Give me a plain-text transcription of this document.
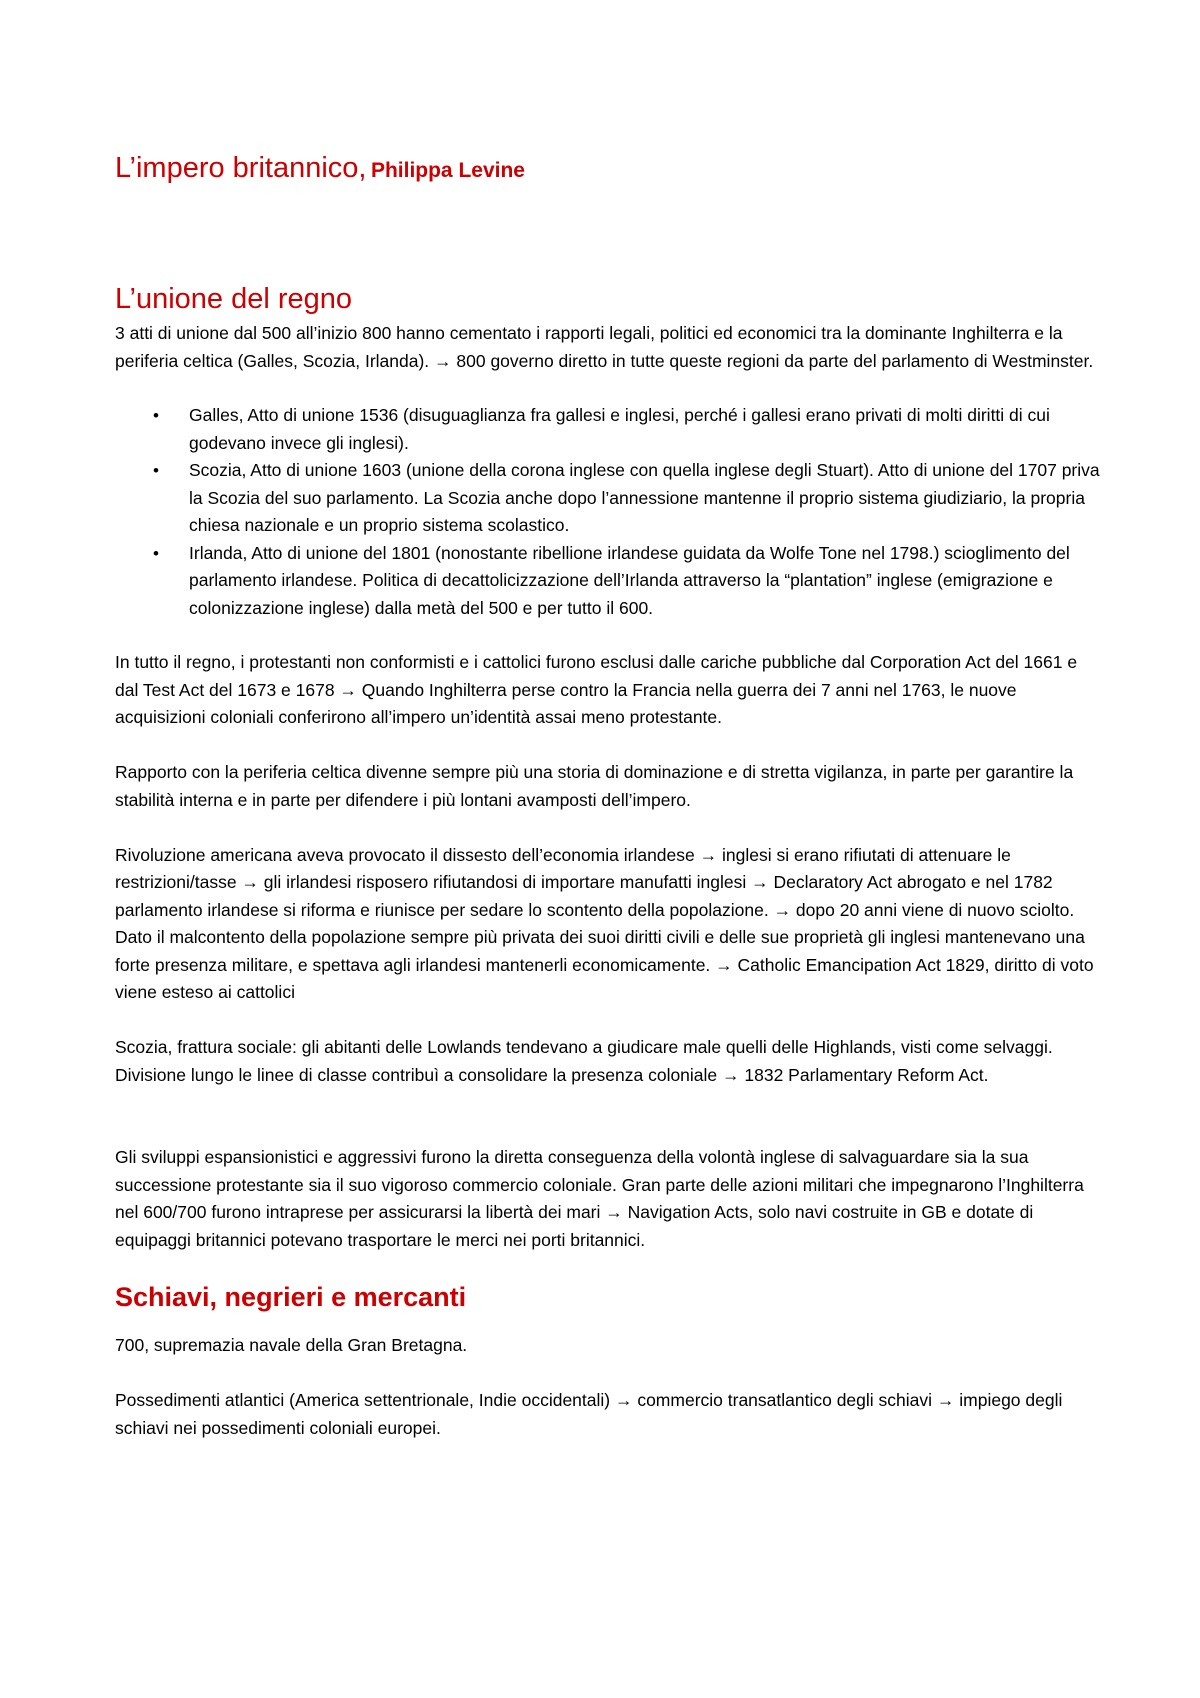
L’impero britannico, Philippa Levine
L’unione del regno

3 atti di unione dal 500 all’inizio 800 hanno cementato i rapporti legali, politici ed economici tra la dominante Inghilterra e la periferia celtica (Galles, Scozia, Irlanda). → 800 governo diretto in tutte queste regioni da parte del parlamento di Westminster.

• Galles, Atto di unione 1536 (disuguaglianza fra gallesi e inglesi, perché i gallesi erano privati di molti diritti di cui godevano invece gli inglesi).
• Scozia, Atto di unione 1603 (unione della corona inglese con quella inglese degli Stuart). Atto di unione del 1707 priva la Scozia del suo parlamento. La Scozia anche dopo l’annessione mantenne il proprio sistema giudiziario, la propria chiesa nazionale e un proprio sistema scolastico.
• Irlanda, Atto di unione del 1801 (nonostante ribellione irlandese guidata da Wolfe Tone nel 1798.) scioglimento del parlamento irlandese. Politica di decattolicizzazione dell’Irlanda attraverso la “plantation” inglese (emigrazione e colonizzazione inglese) dalla metà del 500 e per tutto il 600.

In tutto il regno, i protestanti non conformisti e i cattolici furono esclusi dalle cariche pubbliche dal Corporation Act del 1661 e dal Test Act del 1673 e 1678 → Quando Inghilterra perse contro la Francia nella guerra dei 7 anni nel 1763, le nuove acquisizioni coloniali conferirono all’impero un’identità assai meno protestante.

Rapporto con la periferia celtica divenne sempre più una storia di dominazione e di stretta vigilanza, in parte per garantire la stabilità interna e in parte per difendere i più lontani avamposti dell’impero.

Rivoluzione americana aveva provocato il dissesto dell’economia irlandese → inglesi si erano rifiutati di attenuare le restrizioni/tasse → gli irlandesi risposero rifiutandosi di importare manufatti inglesi → Declaratory Act abrogato e nel 1782 parlamento irlandese si riforma e riunisce per sedare lo scontento della popolazione. → dopo 20 anni viene di nuovo sciolto. Dato il malcontento della popolazione sempre più privata dei suoi diritti civili e delle sue proprietà gli inglesi mantenevano una forte presenza militare, e spettava agli irlandesi mantenerli economicamente. → Catholic Emancipation Act 1829, diritto di voto viene esteso ai cattolici

Scozia, frattura sociale: gli abitanti delle Lowlands tendevano a giudicare male quelli delle Highlands, visti come selvaggi. Divisione lungo le linee di classe contribuì a consolidare la presenza coloniale → 1832 Parlamentary Reform Act.

Gli sviluppi espansionistici e aggressivi furono la diretta conseguenza della volontà inglese di salvaguardare sia la sua successione protestante sia il suo vigoroso commercio coloniale. Gran parte delle azioni militari che impegnarono l’Inghilterra nel 600/700 furono intraprese per assicurarsi la libertà dei mari → Navigation Acts, solo navi costruite in GB e dotate di equipaggi britannici potevano trasportare le merci nei porti britannici.

Schiavi, negrieri e mercanti

700, supremazia navale della Gran Bretagna.

Possedimenti atlantici (America settentrionale, Indie occidentali) → commercio transatlantico degli schiavi → impiego degli schiavi nei possedimenti coloniali europei.
